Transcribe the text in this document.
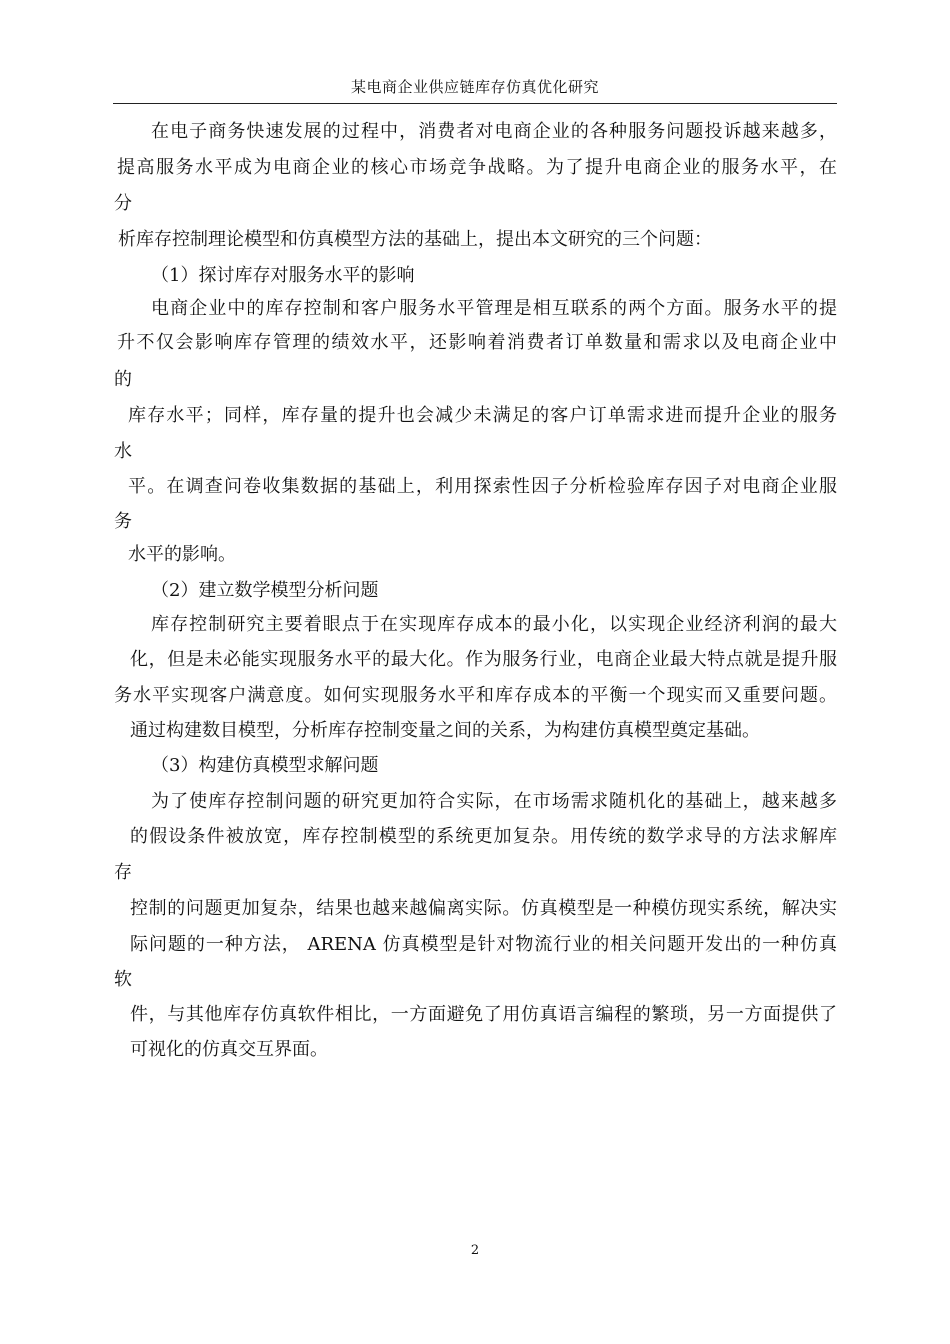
某电商企业供应链库存仿真优化研究
在电子商务快速发展的过程中，消费者对电商企业的各种服务问题投诉越来越多，
提高服务水平成为电商企业的核心市场竞争战略。为了提升电商企业的服务水平，在
分
析库存控制理论模型和仿真模型方法的基础上，提出本文研究的三个问题：
（1）探讨库存对服务水平的影响
电商企业中的库存控制和客户服务水平管理是相互联系的两个方面。服务水平的提
升不仅会影响库存管理的绩效水平，还影响着消费者订单数量和需求以及电商企业中
的
库存水平；同样，库存量的提升也会减少未满足的客户订单需求进而提升企业的服务
水
平。在调查问卷收集数据的基础上，利用探索性因子分析检验库存因子对电商企业服
务
水平的影响。
（2）建立数学模型分析问题
库存控制研究主要着眼点于在实现库存成本的最小化，以实现企业经济利润的最大
化，但是未必能实现服务水平的最大化。作为服务行业，电商企业最大特点就是提升服
务水平实现客户满意度。如何实现服务水平和库存成本的平衡一个现实而又重要问题。
通过构建数目模型，分析库存控制变量之间的关系，为构建仿真模型奠定基础。
（3）构建仿真模型求解问题
为了使库存控制问题的研究更加符合实际，在市场需求随机化的基础上，越来越多
的假设条件被放宽，库存控制模型的系统更加复杂。用传统的数学求导的方法求解库
存
控制的问题更加复杂，结果也越来越偏离实际。仿真模型是一种模仿现实系统，解决实
际问题的一种方法， ARENA 仿真模型是针对物流行业的相关问题开发出的一种仿真
软
件，与其他库存仿真软件相比，一方面避免了用仿真语言编程的繁琐，另一方面提供了
可视化的仿真交互界面。
2
